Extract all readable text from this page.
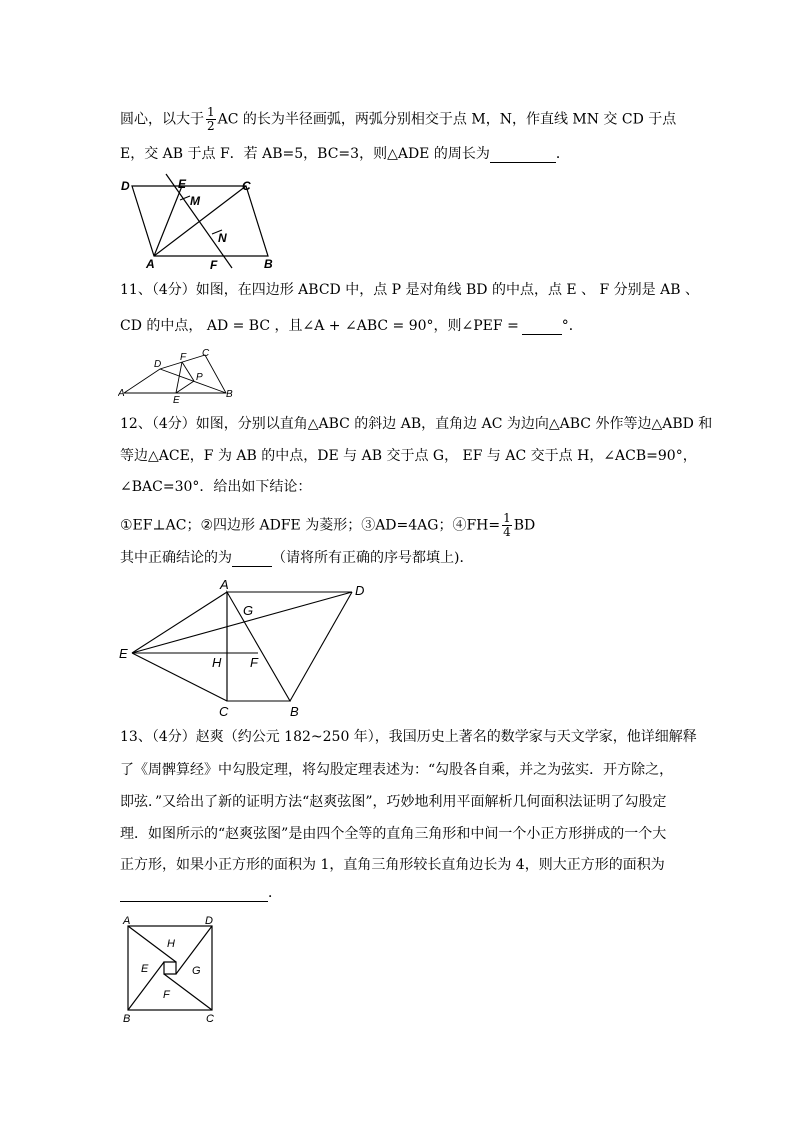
圆心，以大于 $\frac{1}{2}$ AC 的长为半径画弧，两弧分别相交于点 M，N，作直线 MN 交 CD 于点
E，交 AB 于点 F．若 AB=5，BC=3，则△ADE 的周长为	．
D	E	C
M
N
A	F	B
11、（4分）如图，在四边形 ABCD 中，点 P 是对角线 BD 的中点，点 E 、 F 分别是 AB 、
CD 的中点， AD = BC ，且∠A + ∠ABC = 90°，则∠PEF =	°．
D
F C
P
A
E
B
12、（4分）如图，分别以直角△ABC 的斜边 AB，直角边 AC 为边向△ABC 外作等边△ABD 和
等边△ACE，F 为 AB 的中点，DE 与 AB 交于点 G， EF 与 AC 交于点 H，∠ACB=90°，
∠BAC=30°．给出如下结论：
①EF⊥AC；②四边形 ADFE 为菱形；③AD=4AG；④FH= $\frac{1}{4}$ BD
其中正确结论的为	（请将所有正确的序号都填上)．
A	D
G
E
H F
C	B
13、（4分）赵爽（约公元 182~250 年），我国历史上著名的数学家与天文学家，他详细解释
了《周髀算经》中勾股定理，将勾股定理表述为：“勾股各自乘，并之为弦实．开方除之，
即弦．”又给出了新的证明方法“赵爽弦图”，巧妙地利用平面解析几何面积法证明了勾股定
理．如图所示的“赵爽弦图”是由四个全等的直角三角形和中间一个小正方形拼成的一个大
正方形，如果小正方形的面积为 1，直角三角形较长直角边长为 4，则大正方形的面积为
．
A	D
H
E	G
F
B	C
